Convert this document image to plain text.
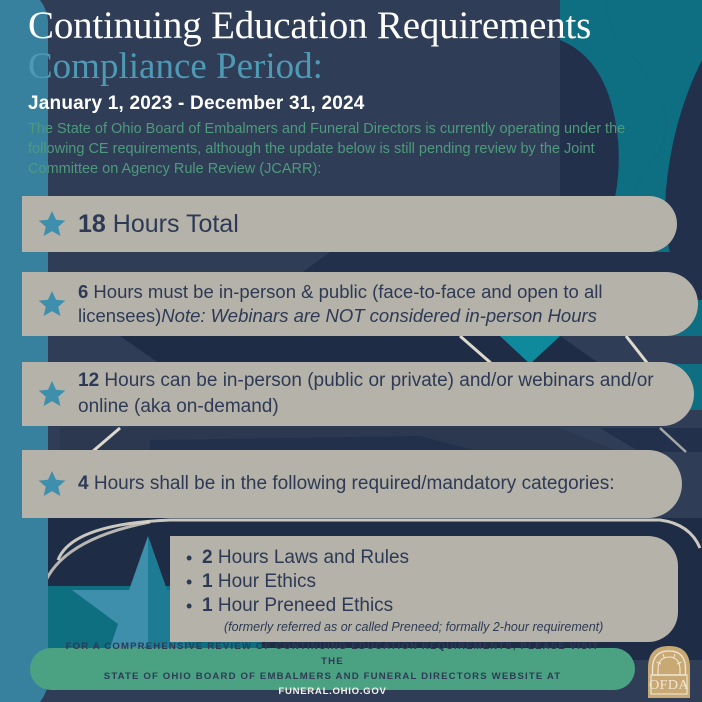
Continuing Education Requirements
Compliance Period:
January 1, 2023 - December 31, 2024
The State of Ohio Board of Embalmers and Funeral Directors is currently operating under the following CE requirements, although the update below is still pending review by the Joint Committee on Agency Rule Review (JCARR):
18 Hours Total
6 Hours must be in-person & public (face-to-face and open to all licensees)Note: Webinars are NOT considered in-person Hours
12 Hours can be in-person (public or private) and/or webinars and/or online (aka on-demand)
4 Hours shall be in the following required/mandatory categories:
• 2 Hours Laws and Rules
• 1 Hour Ethics
• 1 Hour Preneed Ethics
(formerly referred as or called Preneed; formally 2-hour requirement)
FOR A COMPREHENSIVE REVIEW OF CONTINUING EDUCATION REQUIREMENTS, PLEASE VISIT THE
STATE OF OHIO BOARD OF EMBALMERS AND FUNERAL DIRECTORS WEBSITE AT FUNERAL.OHIO.GOV	OFDA
